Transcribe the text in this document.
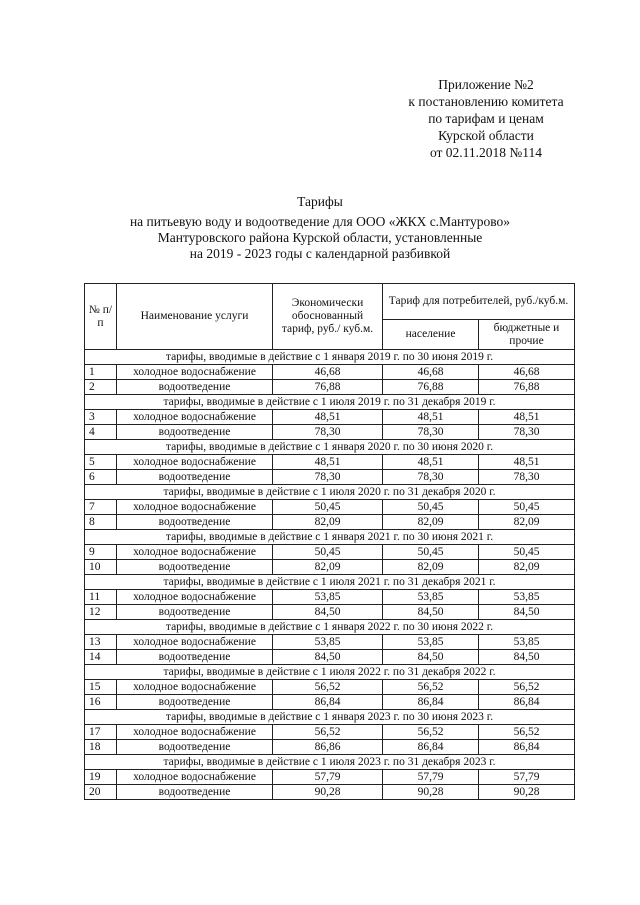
Приложение №2
к постановлению комитета
по тарифам и ценам
Курской области
от 02.11.2018 №114
Тарифы
на питьевую воду и водоотведение для ООО «ЖКХ с.Мантурово»
Мантуровского района Курской области, установленные
на 2019 - 2023 годы с календарной разбивкой
№ п/п	Наименование услуги	Экономически обоснованный тариф, руб./ куб.м.	Тариф для потребителей, руб./куб.м.	
			население	бюджетные и прочие
тарифы, вводимые в действие с 1 января 2019 г. по 30 июня 2019 г.				
1	холодное водоснабжение	46,68	46,68	46,68
2	водоотведение	76,88	76,88	76,88
тарифы, вводимые в действие с 1 июля 2019 г. по 31 декабря 2019 г.				
3	холодное водоснабжение	48,51	48,51	48,51
4	водоотведение	78,30	78,30	78,30
тарифы, вводимые в действие с 1 января 2020 г. по 30 июня 2020 г.				
5	холодное водоснабжение	48,51	48,51	48,51
6	водоотведение	78,30	78,30	78,30
тарифы, вводимые в действие с 1 июля 2020 г. по 31 декабря 2020 г.				
7	холодное водоснабжение	50,45	50,45	50,45
8	водоотведение	82,09	82,09	82,09
тарифы, вводимые в действие с 1 января 2021 г. по 30 июня 2021 г.				
9	холодное водоснабжение	50,45	50,45	50,45
10	водоотведение	82,09	82,09	82,09
тарифы, вводимые в действие с 1 июля 2021 г. по 31 декабря 2021 г.				
11	холодное водоснабжение	53,85	53,85	53,85
12	водоотведение	84,50	84,50	84,50
тарифы, вводимые в действие с 1 января 2022 г. по 30 июня 2022 г.				
13	холодное водоснабжение	53,85	53,85	53,85
14	водоотведение	84,50	84,50	84,50
тарифы, вводимые в действие с 1 июля 2022 г. по 31 декабря 2022 г.				
15	холодное водоснабжение	56,52	56,52	56,52
16	водоотведение	86,84	86,84	86,84
тарифы, вводимые в действие с 1 января 2023 г. по 30 июня 2023 г.				
17	холодное водоснабжение	56,52	56,52	56,52
18	водоотведение	86,86	86,84	86,84
тарифы, вводимые в действие с 1 июля 2023 г. по 31 декабря 2023 г.				
19	холодное водоснабжение	57,79	57,79	57,79
20	водоотведение	90,28	90,28	90,28
